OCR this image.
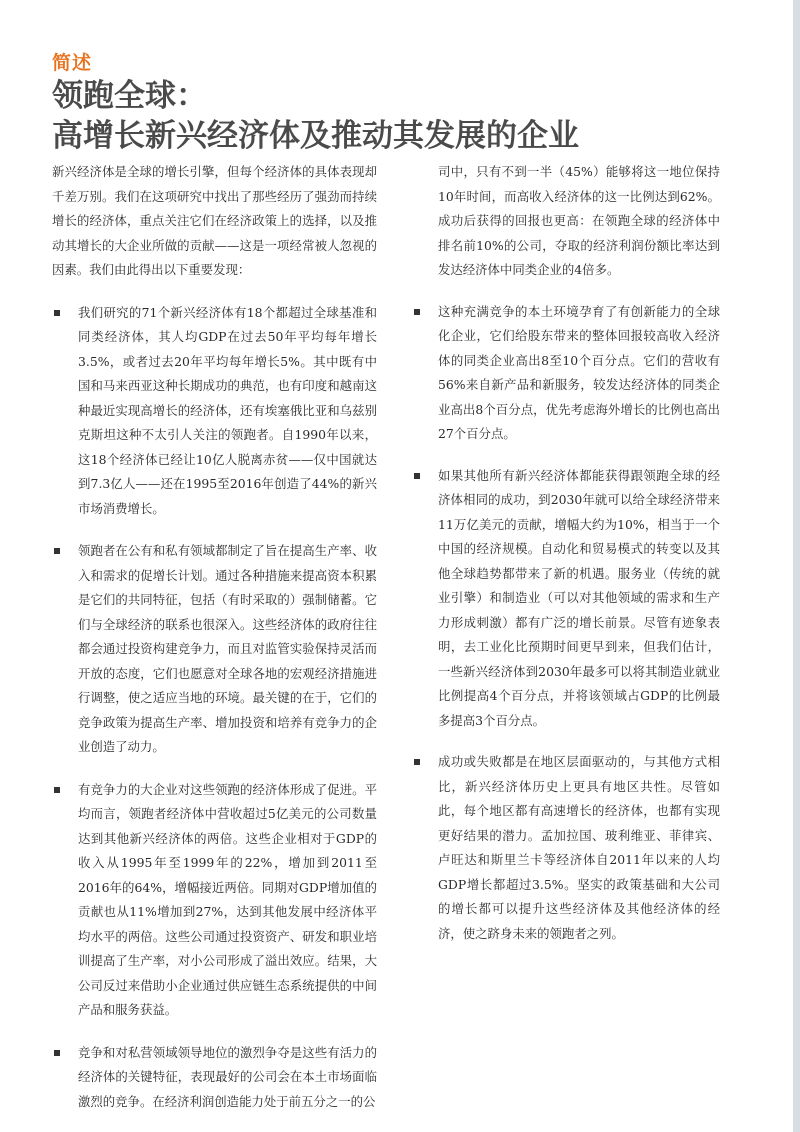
简述
领跑全球：
高增长新兴经济体及推动其发展的企业

新兴经济体是全球的增长引擎，但每个经济体的具体表现却千差万别。我们在这项研究中找出了那些经历了强劲而持续增长的经济体，重点关注它们在经济政策上的选择，以及推动其增长的大企业所做的贡献——这是一项经常被人忽视的因素。我们由此得出以下重要发现：

我们研究的71个新兴经济体有18个都超过全球基准和同类经济体，其人均GDP在过去50年平均每年增长3.5%，或者过去20年平均每年增长5%。其中既有中国和马来西亚这种长期成功的典范，也有印度和越南这种最近实现高增长的经济体，还有埃塞俄比亚和乌兹别克斯坦这种不太引人关注的领跑者。自1990年以来，这18个经济体已经让10亿人脱离赤贫——仅中国就达到7.3亿人——还在1995至2016年创造了44%的新兴市场消费增长。
领跑者在公有和私有领域都制定了旨在提高生产率、收入和需求的促增长计划。通过各种措施来提高资本积累是它们的共同特征，包括（有时采取的）强制储蓄。它们与全球经济的联系也很深入。这些经济体的政府往往都会通过投资构建竞争力，而且对监管实验保持灵活而开放的态度，它们也愿意对全球各地的宏观经济措施进行调整，使之适应当地的环境。最关键的在于，它们的竞争政策为提高生产率、增加投资和培养有竞争力的企业创造了动力。
有竞争力的大企业对这些领跑的经济体形成了促进。平均而言，领跑者经济体中营收超过5亿美元的公司数量达到其他新兴经济体的两倍。这些企业相对于GDP的收入从1995年至1999年的22%，增加到2011至2016年的64%，增幅接近两倍。同期对GDP增加值的贡献也从11%增加到27%，达到其他发展中经济体平均水平的两倍。这些公司通过投资资产、研发和职业培训提高了生产率，对小公司形成了溢出效应。结果，大公司反过来借助小企业通过供应链生态系统提供的中间产品和服务获益。
竞争和对私营领域领导地位的激烈争夺是这些有活力的经济体的关键特征，表现最好的公司会在本土市场面临激烈的竞争。在经济利润创造能力处于前五分之一的公

司中，只有不到一半（45%）能够将这一地位保持10年时间，而高收入经济体的这一比例达到62%。成功后获得的回报也更高：在领跑全球的经济体中排名前10%的公司，夺取的经济利润份额比率达到发达经济体中同类企业的4倍多。

这种充满竞争的本土环境孕育了有创新能力的全球化企业，它们给股东带来的整体回报较高收入经济体的同类企业高出8至10个百分点。它们的营收有56%来自新产品和新服务，较发达经济体的同类企业高出8个百分点，优先考虑海外增长的比例也高出27个百分点。
如果其他所有新兴经济体都能获得跟领跑全球的经济体相同的成功，到2030年就可以给全球经济带来11万亿美元的贡献，增幅大约为10%，相当于一个中国的经济规模。自动化和贸易模式的转变以及其他全球趋势都带来了新的机遇。服务业（传统的就业引擎）和制造业（可以对其他领域的需求和生产力形成刺激）都有广泛的增长前景。尽管有迹象表明，去工业化比预期时间更早到来，但我们估计，一些新兴经济体到2030年最多可以将其制造业就业比例提高4个百分点，并将该领域占GDP的比例最多提高3个百分点。
成功或失败都是在地区层面驱动的，与其他方式相比，新兴经济体历史上更具有地区共性。尽管如此，每个地区都有高速增长的经济体，也都有实现更好结果的潜力。孟加拉国、玻利维亚、菲律宾、卢旺达和斯里兰卡等经济体自2011年以来的人均GDP增长都超过3.5%。坚实的政策基础和大公司的增长都可以提升这些经济体及其他经济体的经济，使之跻身未来的领跑者之列。
